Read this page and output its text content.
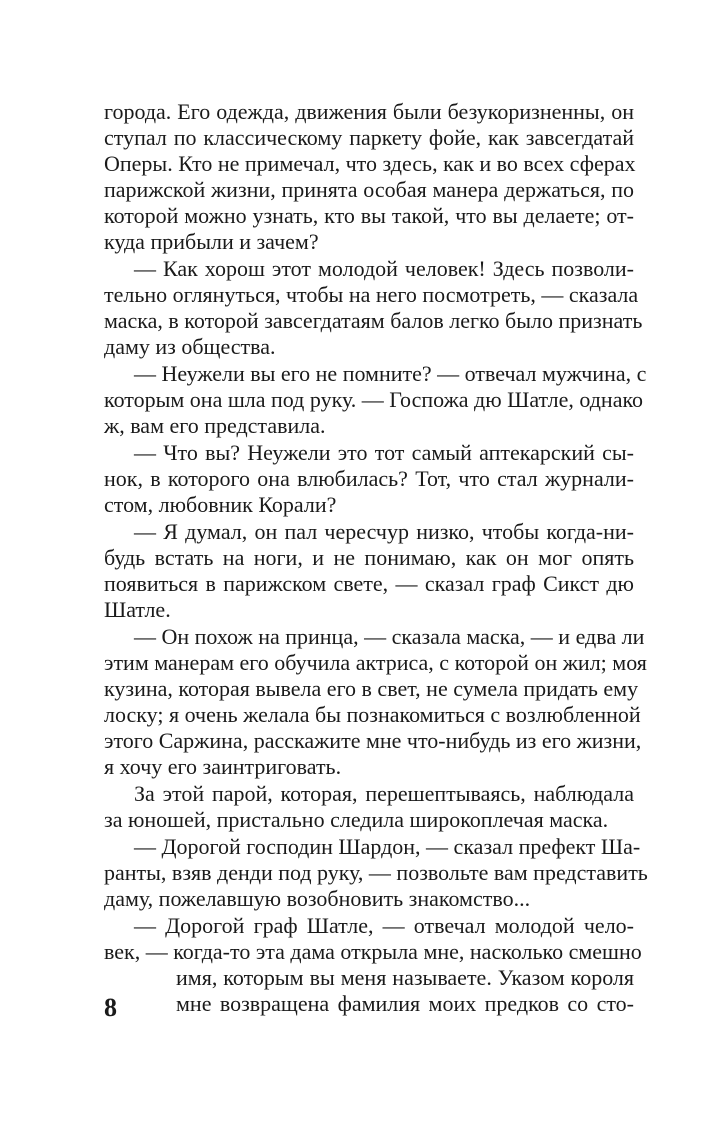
города. Его одежда, движения были безукоризненны, он
ступал по классическому паркету фойе, как завсегдатай
Оперы. Кто не примечал, что здесь, как и во всех сферах
парижской жизни, принята особая манера держаться, по
которой можно узнать, кто вы такой, что вы делаете; от-
куда прибыли и зачем?
— Как хорош этот молодой человек! Здесь позволи-
тельно оглянуться, чтобы на него посмотреть, — сказала
маска, в которой завсегдатаям балов легко было признать
даму из общества.
— Неужели вы его не помните? — отвечал мужчина, с
которым она шла под руку. — Госпожа дю Шатле, однако
ж, вам его представила.
— Что вы? Неужели это тот самый аптекарский сы-
нок, в которого она влюбилась? Тот, что стал журнали-
стом, любовник Корали?
— Я думал, он пал чересчур низко, чтобы когда-ни-
будь встать на ноги, и не понимаю, как он мог опять
появиться в парижском свете, — сказал граф Сикст дю
Шатле.
— Он похож на принца, — сказала маска, — и едва ли
этим манерам его обучила актриса, с которой он жил; моя
кузина, которая вывела его в свет, не сумела придать ему
лоску; я очень желала бы познакомиться с возлюбленной
этого Саржина, расскажите мне что-нибудь из его жизни,
я хочу его заинтриговать.
За этой парой, которая, перешептываясь, наблюдала
за юношей, пристально следила широкоплечая маска.
— Дорогой господин Шардон, — сказал префект Ша-
ранты, взяв денди под руку, — позвольте вам представить
даму, пожелавшую возобновить знакомство...
— Дорогой граф Шатле, — отвечал молодой чело-
век, — когда-то эта дама открыла мне, насколько смешно
имя, которым вы меня называете. Указом короля
мне возвращена фамилия моих предков со сто-
8
